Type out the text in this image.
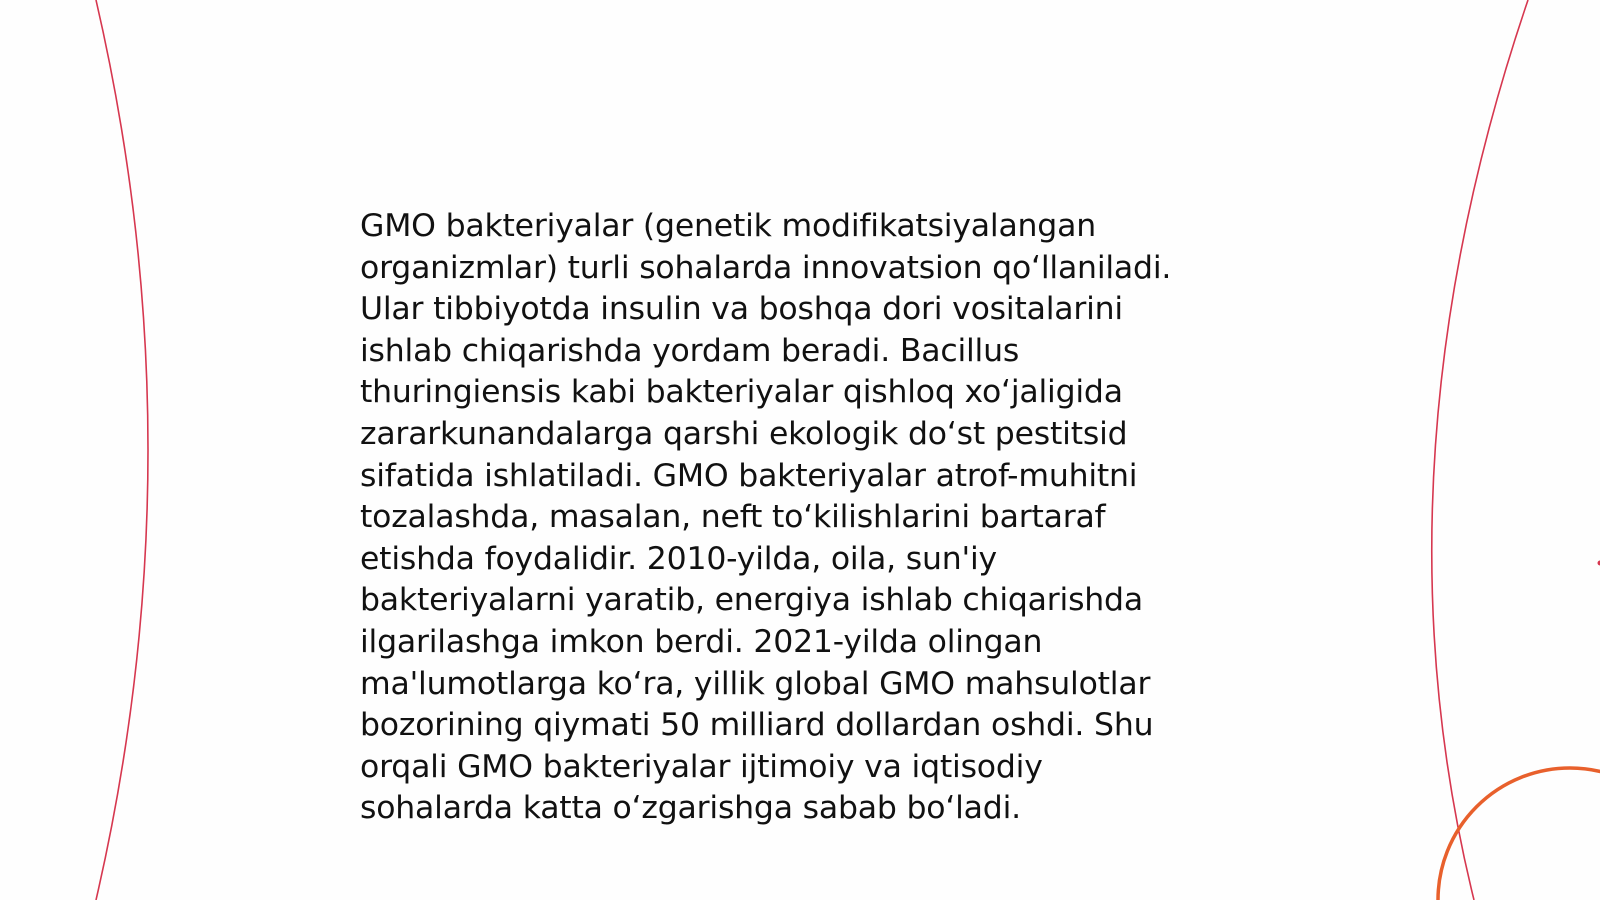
GMO bakteriyalar (genetik modifikatsiyalangan
organizmlar) turli sohalarda innovatsion qo‘llaniladi.
Ular tibbiyotda insulin va boshqa dori vositalarini
ishlab chiqarishda yordam beradi. Bacillus
thuringiensis kabi bakteriyalar qishloq xo‘jaligida
zararkunandalarga qarshi ekologik do‘st pestitsid
sifatida ishlatiladi. GMO bakteriyalar atrof-muhitni
tozalashda, masalan, neft to‘kilishlarini bartaraf
etishda foydalidir. 2010-yilda, oila, sun'iy
bakteriyalarni yaratib, energiya ishlab chiqarishda
ilgarilashga imkon berdi. 2021-yilda olingan
ma'lumotlarga ko‘ra, yillik global GMO mahsulotlar
bozorining qiymati 50 milliard dollardan oshdi. Shu
orqali GMO bakteriyalar ijtimoiy va iqtisodiy
sohalarda katta o‘zgarishga sabab bo‘ladi.
